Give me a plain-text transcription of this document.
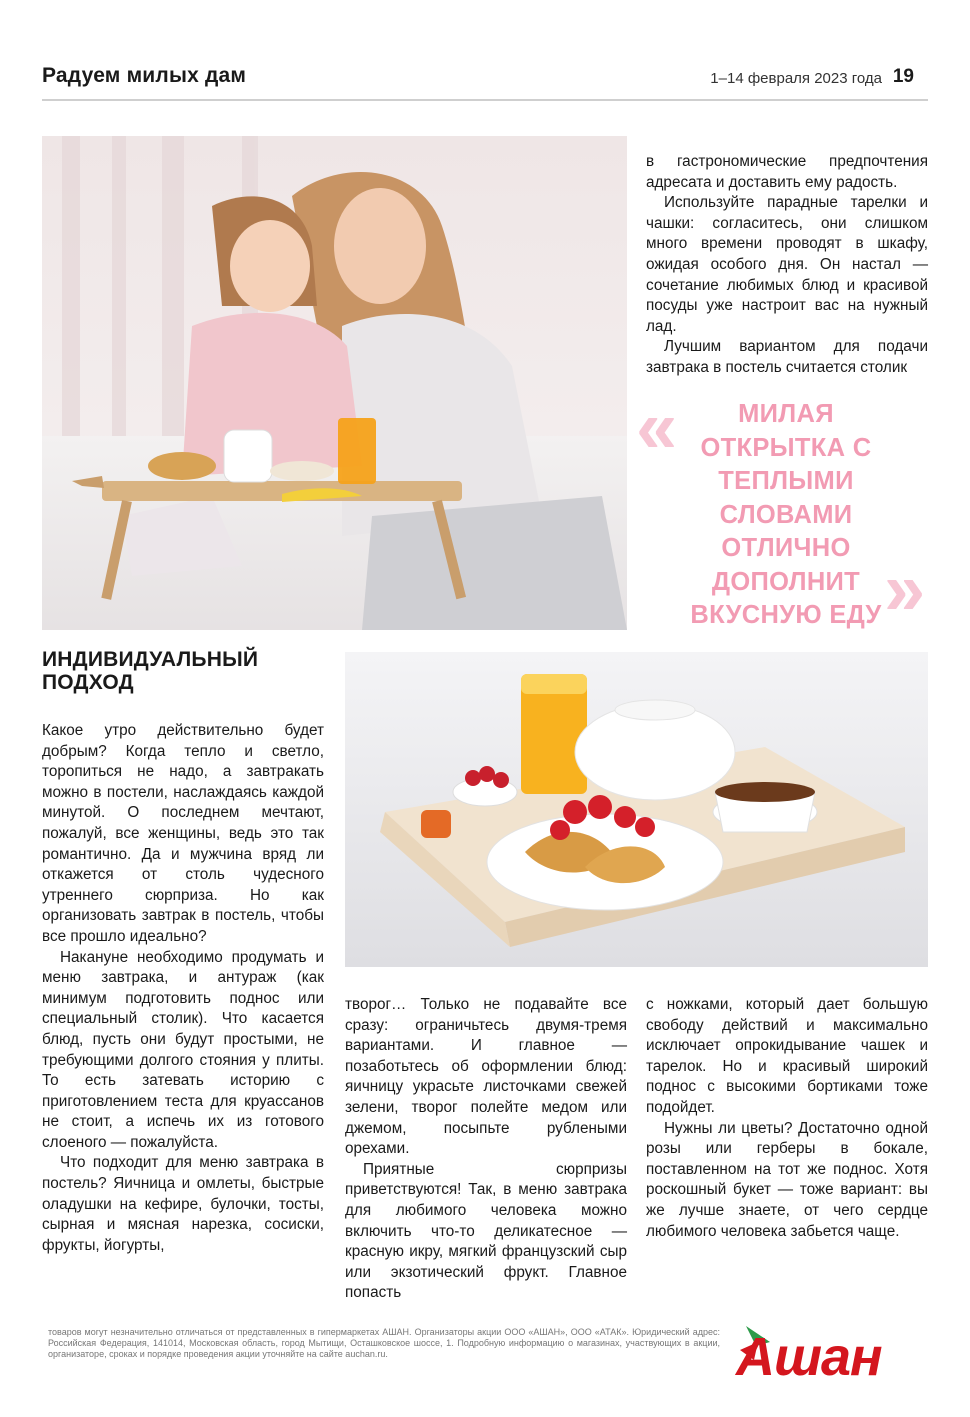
Радуем милых дам	1–14 февраля 2023 года 19

в гастрономические предпочтения адресата и доставить ему радость.

Используйте парадные тарелки и чашки: согласитесь, они слишком много времени проводят в шкафу, ожидая особого дня. Он настал — сочетание любимых блюд и красивой посуды уже настроит вас на нужный лад.

Лучшим вариантом для подачи завтрака в постель считается столик

«	МИЛАЯ ОТКРЫТКА С ТЕПЛЫМИ СЛОВАМИ ОТЛИЧНО ДОПОЛНИТ ВКУСНУЮ ЕДУ »
ИНДИВИДУАЛЬНЫЙ ПОДХОД

Какое утро действительно будет добрым? Когда тепло и светло, торопиться не надо, а завтракать можно в постели, наслаждаясь каждой минутой. О последнем мечтают, пожалуй, все женщины, ведь это так романтично. Да и мужчина вряд ли откажется от столь чудесного утреннего сюрприза. Но как организовать завтрак в постель, чтобы все прошло идеально?

Накануне необходимо продумать и меню завтрака, и антураж (как минимум подготовить поднос или специальный столик). Что касается блюд, пусть они будут простыми, не требующими долгого стояния у плиты. То есть затевать историю с приготовлением теста для круассанов не стоит, а испечь их из готового слоеного — пожалуйста.

Что подходит для меню завтрака в постель? Яичница и омлеты, быстрые оладушки на кефире, булочки, тосты, сырная и мясная нарезка, сосиски, фрукты, йогурты,

творог… Только не подавайте все сразу: ограничьтесь двумя-тремя вариантами. И главное — позаботьтесь об оформлении блюд: яичницу украсьте листочками свежей зелени, творог полейте медом или джемом, посыпьте рублеными орехами.

Приятные сюрпризы приветствуются! Так, в меню завтрака для любимого человека можно включить что-то деликатесное — красную икру, мягкий французский сыр или экзотический фрукт. Главное попасть

с ножками, который дает большую свободу действий и максимально исключает опрокидывание чашек и тарелок. Но и красивый широкий поднос с высокими бортиками тоже подойдет.

Нужны ли цветы? Достаточно одной розы или герберы в бокале, поставленном на тот же поднос. Хотя роскошный букет — тоже вариант: вы же лучше знаете, от чего сердце любимого человека забьется чаще.

товаров могут незначительно отличаться от представленных в гипермаркетах АШАН. Организаторы акции ООО «АШАН», ООО «АТАК». Юридический адрес: Российская Федерация, 141014, Московская область, город Мытищи, Осташковское шоссе, 1. Подробную информацию о магазинах, участвующих в акции, организаторе, сроках и порядке проведения акции уточняйте на сайте auchan.ru.	Ашан
